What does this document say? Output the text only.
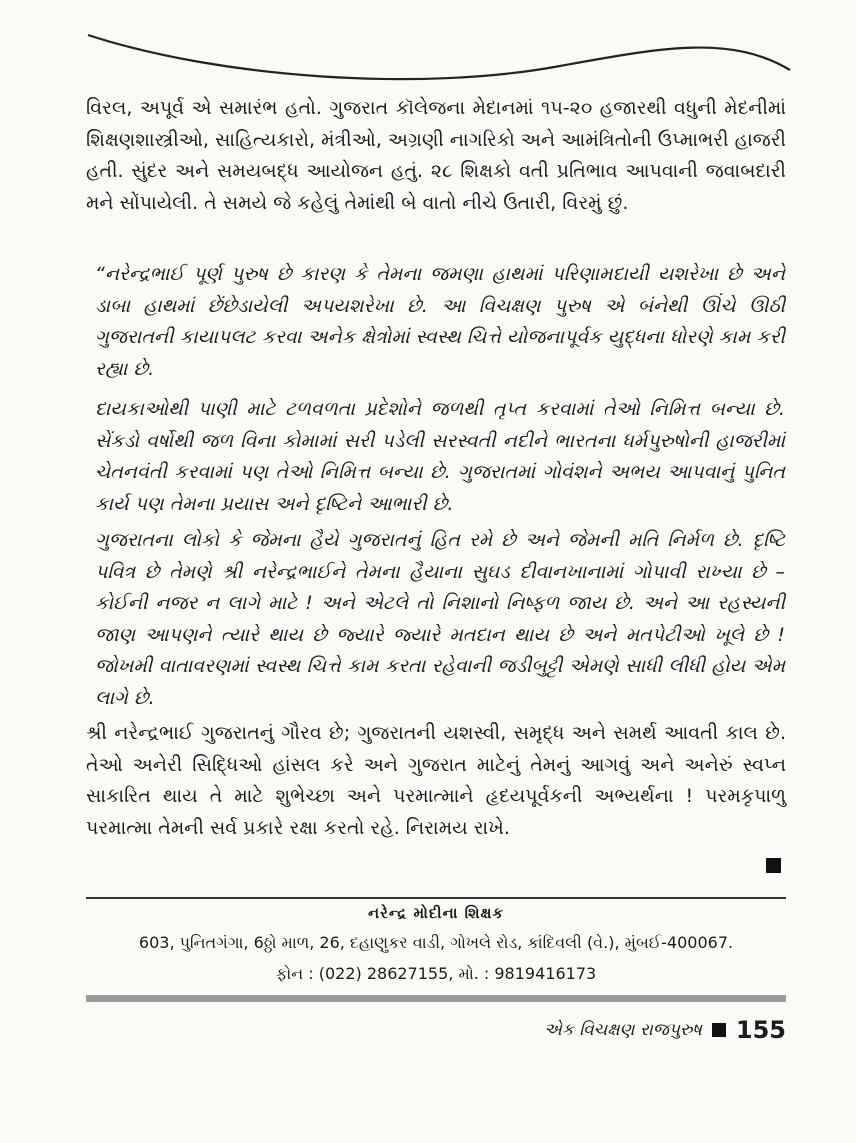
વિરલ, અપૂર્વ એ સમારંભ હતો. ગુજરાત કૉલેજના મેદાનમાં ૧૫-૨૦ હજારથી વધુની મેદનીમાં શિક્ષણશાસ્ત્રીઓ, સાહિત્યકારો, મંત્રીઓ, અગ્રણી નાગરિકો અને આમંત્રિતોની ઉપ્માભરી હાજરી હતી. સુંદર અને સમયબદ્ધ આયોજન હતું. ૨૮ શિક્ષકો વતી પ્રતિભાવ આપવાની જવાબદારી મને સોંપાયેલી. તે સમયે જે કહેલું તેમાંથી બે વાતો નીચે ઉતારી, વિરમું છું.

“નરેન્દ્રભાઈ પૂર્ણ પુરુષ છે કારણ કે તેમના જમણા હાથમાં પરિણામદાયી યશરેખા છે અને ડાબા હાથમાં છેંછેડાયેલી અપયશરેખા છે. આ વિચક્ષણ પુરુષ એ બંનેથી ઊંચે ઊઠી ગુજરાતની કાયાપલટ કરવા અનેક ક્ષેત્રોમાં સ્વસ્થ ચિત્તે યોજનાપૂર્વક યુદ્ધના ધોરણે કામ કરી રહ્યા છે.

દાયકાઓથી પાણી માટે ટળવળતા પ્રદેશોને જળથી તૃપ્ત કરવામાં તેઓ નિમિત્ત બન્યા છે. સેંકડો વર્ષોથી જળ વિના કોમામાં સરી પડેલી સરસ્વતી નદીને ભારતના ધર્મપુરુષોની હાજરીમાં ચેતનવંતી કરવામાં પણ તેઓ નિમિત્ત બન્યા છે. ગુજરાતમાં ગોવંશને અભય આપવાનું પુનિત કાર્ય પણ તેમના પ્રયાસ અને દૃષ્ટિને આભારી છે.

ગુજરાતના લોકો કે જેમના હૈયે ગુજરાતનું હિત રમે છે અને જેમની મતિ નિર્મળ છે. દૃષ્ટિ પવિત્ર છે તેમણે શ્રી નરેન્દ્રભાઈને તેમના હૈયાના સુઘડ દીવાનખાનામાં ગોપાવી રાખ્યા છે – કોઈની નજર ન લાગે માટે ! અને એટલે તો નિશાનો નિષ્ફળ જાય છે. અને આ રહસ્યની જાણ આપણને ત્યારે થાય છે જ્યારે જ્યારે મતદાન થાય છે અને મતપેટીઓ ખૂલે છે ! જોખમી વાતાવરણમાં સ્વસ્થ ચિત્તે કામ કરતા રહેવાની જડીબુટ્ટી એમણે સાધી લીધી હોય એમ લાગે છે.

શ્રી નરેન્દ્રભાઈ ગુજરાતનું ગૌરવ છે; ગુજરાતની યશસ્વી, સમૃદ્ધ અને સમર્થ આવતી કાલ છે. તેઓ અનેરી સિદ્ધિઓ હાંસલ કરે અને ગુજરાત માટેનું તેમનું આગવું અને અનેરું સ્વપ્ન સાકારિત થાય તે માટે શુભેચ્છા અને પરમાત્માને હૃદયપૂર્વકની અભ્યર્થના ! પરમકૃપાળુ પરમાત્મા તેમની સર્વ પ્રકારે રક્ષા કરતો રહે. નિરામય રાખે.

નરેન્દ્ર મોદીના શિક્ષક

603, પુનિતગંગા, 6ઠ્ઠો માળ, 26, દહાણુકર વાડી, ગોખલે રોડ, કાંદિવલી (વે.), મુંબઈ-400067.

ફોન : (022) 28627155, મો. : 9819416173

એક વિચક્ષણ રાજપુરુષ 155
